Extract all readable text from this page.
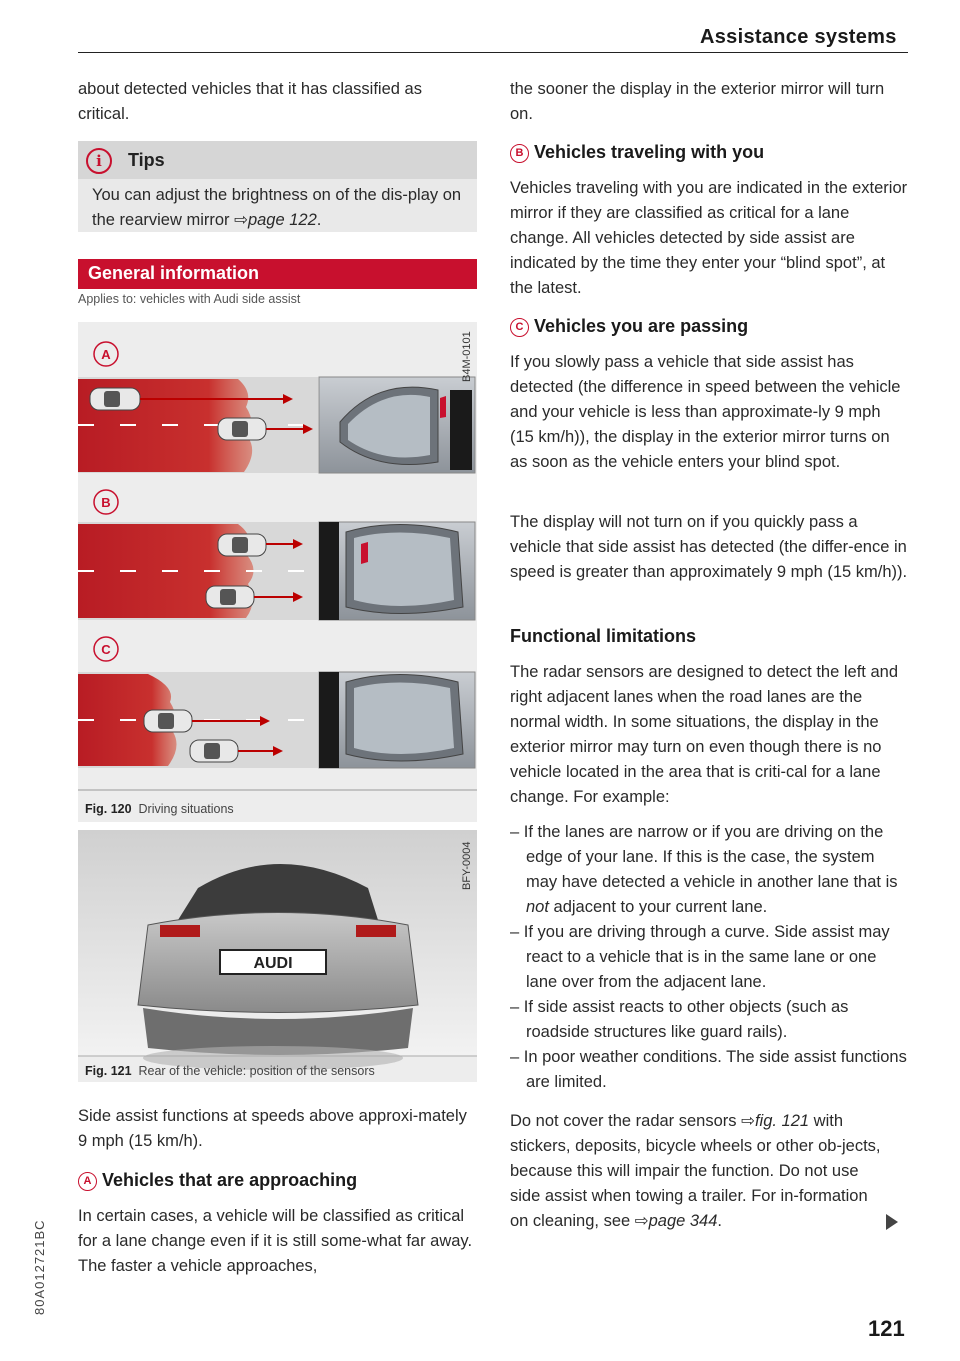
Assistance systems
about detected vehicles that it has classified as critical.
i	Tips
You can adjust the brightness on of the dis-play on the rearview mirror ⇨page 122.
General information
Applies to: vehicles with Audi side assist
A
B
C
B4M-0101
Fig. 120 Driving situations
AUDI
BFY-0004
Fig. 121 Rear of the vehicle: position of the sensors
Side assist functions at speeds above approxi-mately 9 mph (15 km/h).
A Vehicles that are approaching
In certain cases, a vehicle will be classified as critical for a lane change even if it is still some-what far away. The faster a vehicle approaches,
the sooner the display in the exterior mirror will turn on.
B Vehicles traveling with you
Vehicles traveling with you are indicated in the exterior mirror if they are classified as critical for a lane change. All vehicles detected by side assist are indicated by the time they enter your “blind spot”, at the latest.
C Vehicles you are passing
If you slowly pass a vehicle that side assist has detected (the difference in speed between the vehicle and your vehicle is less than approximate-ly 9 mph (15 km/h)), the display in the exterior mirror turns on as soon as the vehicle enters your blind spot.
The display will not turn on if you quickly pass a vehicle that side assist has detected (the differ-ence in speed is greater than approximately 9 mph (15 km/h)).
Functional limitations
The radar sensors are designed to detect the left and right adjacent lanes when the road lanes are the normal width. In some situations, the display in the exterior mirror may turn on even though there is no vehicle located in the area that is criti-cal for a lane change. For example:

– If the lanes are narrow or if you are driving on the edge of your lane. If this is the case, the system may have detected a vehicle in another lane that is not adjacent to your current lane.

– If you are driving through a curve. Side assist may react to a vehicle that is in the same lane or one lane over from the adjacent lane.

– If side assist reacts to other objects (such as roadside structures like guard rails).

– In poor weather conditions. The side assist functions are limited.

Do not cover the radar sensors ⇨fig. 121 with stickers, deposits, bicycle wheels or other ob-jects, because this will impair the function. Do not use side assist when towing a trailer. For in-formation on cleaning, see ⇨page 344.
121
80A012721BC
